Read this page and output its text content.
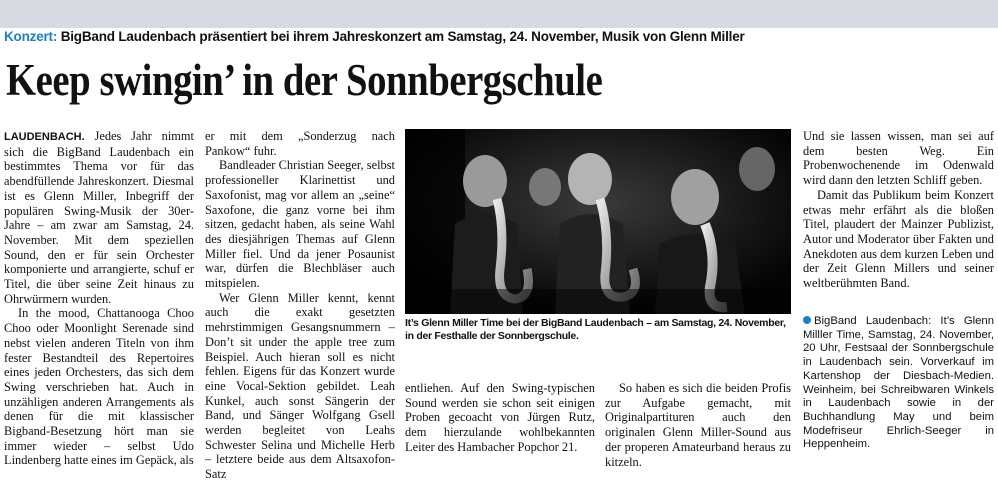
Konzert: BigBand Laudenbach präsentiert bei ihrem Jahreskonzert am Samstag, 24. November, Musik von Glenn Miller
Keep swingin’ in der Sonnbergschule

LAUDENBACH. Jedes Jahr nimmt sich die BigBand Laudenbach ein bestimmtes Thema vor für das abendfüllende Jahreskonzert. Diesmal ist es Glenn Miller, Inbegriff der populären Swing-Musik der 30er-Jahre – am zwar am Samstag, 24. November. Mit dem speziellen Sound, den er für sein Orchester komponierte und arrangierte, schuf er Titel, die über seine Zeit hinaus zu Ohrwürmern wurden.

In the mood, Chattanooga Choo Choo oder Moonlight Serenade sind nebst vielen anderen Titeln von ihm fester Bestandteil des Repertoires eines jeden Orchesters, das sich dem Swing verschrieben hat. Auch in unzähligen anderen Arrangements als denen für die mit klassischer Bigband-Besetzung hört man sie immer wieder – selbst Udo Lindenberg hatte eines im Gepäck, als

er mit dem „Sonderzug nach Pankow“ fuhr.

Bandleader Christian Seeger, selbst professioneller Klarinettist und Saxofonist, mag vor allem an „seine“ Saxofone, die ganz vorne bei ihm sitzen, gedacht haben, als seine Wahl des diesjährigen Themas auf Glenn Miller fiel. Und da jener Posaunist war, dürfen die Blechbläser auch mitspielen.

Wer Glenn Miller kennt, kennt auch die exakt gesetzten mehrstimmigen Gesangsnummern – Don’t sit under the apple tree zum Beispiel. Auch hieran soll es nicht fehlen. Eigens für das Konzert wurde eine Vocal-Sektion gebildet. Leah Kunkel, auch sonst Sängerin der Band, und Sänger Wolfgang Gsell werden begleitet von Leahs Schwester Selina und Michelle Herb – letztere beide aus dem Altsaxofon-Satz

It’s Glenn Miller Time bei der BigBand Laudenbach – am Samstag, 24. November, in der Festhalle der Sonnbergschule.

entliehen. Auf den Swing-typischen Sound werden sie schon seit einigen Proben gecoacht von Jürgen Rutz, dem hierzulande wohlbekannten Leiter des Hambacher Popchor 21.

So haben es sich die beiden Profis zur Aufgabe gemacht, mit Originalpartituren auch den originalen Glenn Miller-Sound aus der properen Amateurband heraus zu kitzeln.

Und sie lassen wissen, man sei auf dem besten Weg. Ein Probenwochenende im Odenwald wird dann den letzten Schliff geben.

Damit das Publikum beim Konzert etwas mehr erfährt als die bloßen Titel, plaudert der Mainzer Publizist, Autor und Moderator über Fakten und Anekdoten aus dem kurzen Leben und der Zeit Glenn Millers und seiner weltberühmten Band.

BigBand Laudenbach: It’s Glenn Milller Time, Samstag, 24. November, 20 Uhr, Festsaal der Sonnbergschule in Laudenbach sein. Vorverkauf im Kartenshop der Diesbach-Medien. Weinheim, bei Schreibwaren Winkels in Laudenbach sowie in der Buchhandlung May und beim Modefriseur Ehrlich-Seeger in Heppenheim.
